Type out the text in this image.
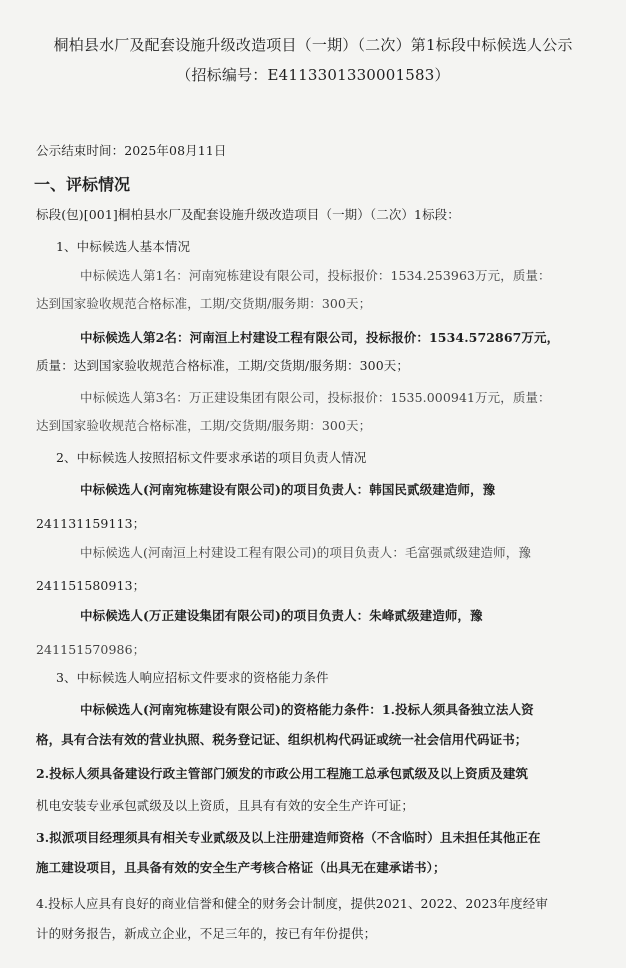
桐柏县水厂及配套设施升级改造项目（一期）（二次）第1标段中标候选人公示
（招标编号：E4113301330001583）
公示结束时间：2025年08月11日
一、评标情况
标段(包)[001]桐柏县水厂及配套设施升级改造项目（一期）（二次）1标段：
1、中标候选人基本情况
中标候选人第1名：河南宛栋建设有限公司，投标报价：1534.253963万元，质量：
达到国家验收规范合格标准，工期/交货期/服务期：300天；
中标候选人第2名：河南洹上村建设工程有限公司，投标报价：1534.572867万元，
质量：达到国家验收规范合格标准，工期/交货期/服务期：300天；
中标候选人第3名：万正建设集团有限公司，投标报价：1535.000941万元，质量：
达到国家验收规范合格标准，工期/交货期/服务期：300天；
2、中标候选人按照招标文件要求承诺的项目负责人情况
中标候选人(河南宛栋建设有限公司)的项目负责人：韩国民贰级建造师，豫
241131159113；
中标候选人(河南洹上村建设工程有限公司)的项目负责人：毛富强贰级建造师，豫
241151580913；
中标候选人(万正建设集团有限公司)的项目负责人：朱峰贰级建造师，豫
241151570986；
3、中标候选人响应招标文件要求的资格能力条件
中标候选人(河南宛栋建设有限公司)的资格能力条件：1.投标人须具备独立法人资
格，具有合法有效的营业执照、税务登记证、组织机构代码证或统一社会信用代码证书；
2.投标人须具备建设行政主管部门颁发的市政公用工程施工总承包贰级及以上资质及建筑
机电安装专业承包贰级及以上资质，且具有有效的安全生产许可证；
3.拟派项目经理须具有相关专业贰级及以上注册建造师资格（不含临时）且未担任其他正在
施工建设项目，且具备有效的安全生产考核合格证（出具无在建承诺书）；
4.投标人应具有良好的商业信誉和健全的财务会计制度，提供2021、2022、2023年度经审
计的财务报告，新成立企业，不足三年的，按已有年份提供；
